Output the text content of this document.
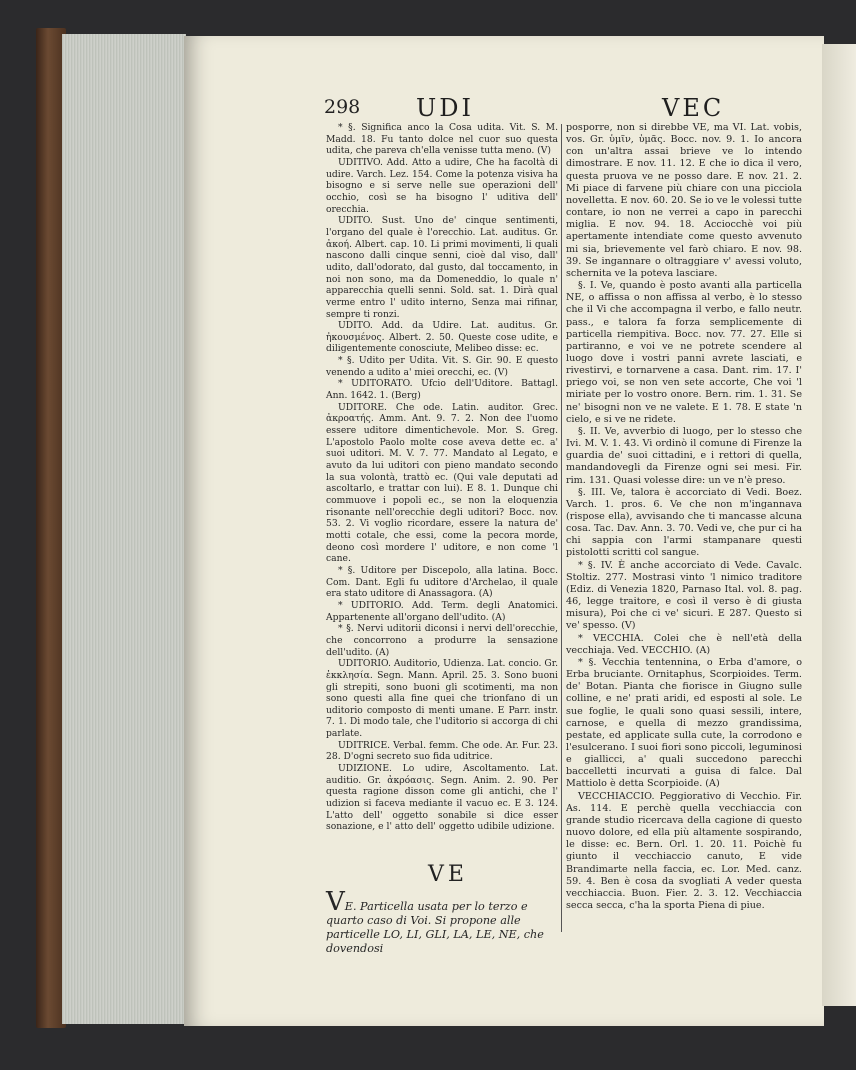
298 UDI	VEC

* §. Significa anco la Cosa udita. Vit. S. M. Madd. 18. Fu tanto dolce nel cuor suo questa udita, che pareva ch'ella venisse tutta meno. (V)

UDITIVO. Add. Atto a udire, Che ha facoltà di udire. Varch. Lez. 154. Come la potenza visiva ha bisogno e si serve nelle sue operazioni dell' occhio, così se ha bisogno l' uditiva dell' orecchia.

UDITO. Sust. Uno de' cinque sentimenti, l'organo del quale è l'orecchio. Lat. auditus. Gr. ἀκοή. Albert. cap. 10. Li primi movimenti, li quali nascono dalli cinque senni, cioè dal viso, dall' udito, dall'odorato, dal gusto, dal toccamento, in noi non sono, ma da Domeneddio, lo quale n' apparecchia quelli senni. Sold. sat. 1. Dirà qual verme entro l' udito interno, Senza mai rifinar, sempre ti ronzi.

UDITO. Add. da Udire. Lat. auditus. Gr. ἠκουσμένος. Albert. 2. 50. Queste cose udite, e diligentemente conosciute, Melibeo disse: ec.

* §. Udito per Udita. Vit. S. Gir. 90. E questo venendo a udito a' miei orecchi, ec. (V)

* UDITORATO. Ufcio dell'Uditore. Battagl. Ann. 1642. 1. (Berg)

UDITORE. Che ode. Latin. auditor. Grec. ἀκροατής. Amm. Ant. 9. 7. 2. Non dee l'uomo essere uditore dimentichevole. Mor. S. Greg. L'apostolo Paolo molte cose aveva dette ec. a' suoi uditori. M. V. 7. 77. Mandato al Legato, e avuto da lui uditori con pieno mandato secondo la sua volontà, trattò ec. (Qui vale deputati ad ascoltarlo, e trattar con lui). E 8. 1. Dunque chi commuove i popoli ec., se non la eloquenzia risonante nell'orecchie degli uditori? Bocc. nov. 53. 2. Vi voglio ricordare, essere la natura de' motti cotale, che essi, come la pecora morde, deono così mordere l' uditore, e non come 'l cane.

* §. Uditore per Discepolo, alla latina. Bocc. Com. Dant. Egli fu uditore d'Archelao, il quale era stato uditore di Anassagora. (A)

* UDITORIO. Add. Term. degli Anatomici. Appartenente all'organo dell'udito. (A)

* §. Nervi uditorii diconsi i nervi dell'orecchie, che concorrono a produrre la sensazione dell'udito. (A)

UDITORIO. Auditorio, Udienza. Lat. concio. Gr. ἐκκλησία. Segn. Mann. April. 25. 3. Sono buoni gli strepiti, sono buoni gli scotimenti, ma non sono questi alla fine quei che trionfano di un uditorio composto di menti umane. E Parr. instr. 7. 1. Di modo tale, che l'uditorio si accorga di chi parlate.

UDITRICE. Verbal. femm. Che ode. Ar. Fur. 23. 28. D'ogni secreto suo fida uditrice.

UDIZIONE. Lo udire, Ascoltamento. Lat. auditio. Gr. ἀκρόασις. Segn. Anim. 2. 90. Per questa ragione disson come gli antichi, che l' udizion si faceva mediante il vacuo ec. E 3. 124. L'atto dell' oggetto sonabile si dice esser sonazione, e l' atto dell' oggetto udibile udizione.

VE
VE. Particella usata per lo terzo e quarto caso di Voi. Si propone alle particelle LO, LI, GLI, LA, LE, NE, che dovendosi

posporre, non si direbbe VE, ma VI. Lat. vobis, vos. Gr. ὑμῖν, ὑμᾶς. Bocc. nov. 9. 1. Io ancora con un'altra assai brieve ve lo intendo dimostrare. E nov. 11. 12. E che io dica il vero, questa pruova ve ne posso dare. E nov. 21. 2. Mi piace di farvene più chiare con una picciola novelletta. E nov. 60. 20. Se io ve le volessi tutte contare, io non ne verrei a capo in parecchi miglia. E nov. 94. 18. Acciocchè voi più apertamente intendiate come questo avvenuto mi sia, brievemente vel farò chiaro. E nov. 98. 39. Se ingannare o oltraggiare v' avessi voluto, schernita ve la poteva lasciare.

§. I. Ve, quando è posto avanti alla particella NE, o affissa o non affissa al verbo, è lo stesso che il Vi che accompagna il verbo, e fallo neutr. pass., e talora fa forza semplicemente di particella riempitiva. Bocc. nov. 77. 27. Elle si partiranno, e voi ve ne potrete scendere al luogo dove i vostri panni avrete lasciati, e rivestirvi, e tornarvene a casa. Dant. rim. 17. I' priego voi, se non ven sete accorte, Che voi 'l miriate per lo vostro onore. Bern. rim. 1. 31. Se ne' bisogni non ve ne valete. E 1. 78. E state 'n cielo, e si ve ne ridete.

§. II. Ve, avverbio di luogo, per lo stesso che Ivi. M. V. 1. 43. Vi ordinò il comune di Firenze la guardia de' suoi cittadini, e i rettori di quella, mandandovegli da Firenze ogni sei mesi. Fir. rim. 131. Quasi volesse dire: un ve n'è preso.

§. III. Ve, talora è accorciato di Vedi. Boez. Varch. 1. pros. 6. Ve che non m'ingannava (rispose ella), avvisando che ti mancasse alcuna cosa. Tac. Dav. Ann. 3. 70. Vedi ve, che pur ci ha chi sappia con l'armi stampanare questi pistolotti scritti col sangue.

* §. IV. È anche accorciato di Vede. Cavalc. Stoltiz. 277. Mostrasi vinto 'l nimico traditore (Ediz. di Venezia 1820, Parnaso Ital. vol. 8. pag. 46, legge traitore, e così il verso è di giusta misura), Poi che ci ve' sicuri. E 287. Questo si ve' spesso. (V)

* VECCHIA. Colei che è nell'età della vecchiaja. Ved. VECCHIO. (A)

* §. Vecchia tentennina, o Erba d'amore, o Erba bruciante. Ornitaphus, Scorpioides. Term. de' Botan. Pianta che fiorisce in Giugno sulle colline, e ne' prati aridi, ed esposti al sole. Le sue foglie, le quali sono quasi sessili, intere, carnose, e quella di mezzo grandissima, pestate, ed applicate sulla cute, la corrodono e l'esulcerano. I suoi fiori sono piccoli, leguminosi e giallicci, a' quali succedono parecchi baccelletti incurvati a guisa di falce. Dal Mattiolo è detta Scorpioide. (A)

VECCHIACCIO. Peggiorativo di Vecchio. Fir. As. 114. E perchè quella vecchiaccia con grande studio ricercava della cagione di questo nuovo dolore, ed ella più altamente sospirando, le disse: ec. Bern. Orl. 1. 20. 11. Poichè fu giunto il vecchiaccio canuto, E vide Brandimarte nella faccia, ec. Lor. Med. canz. 59. 4. Ben è cosa da svogliati A veder questa vecchiaccia. Buon. Fier. 2. 3. 12. Vecchiaccia secca secca, c'ha la sporta Piena di piue.
